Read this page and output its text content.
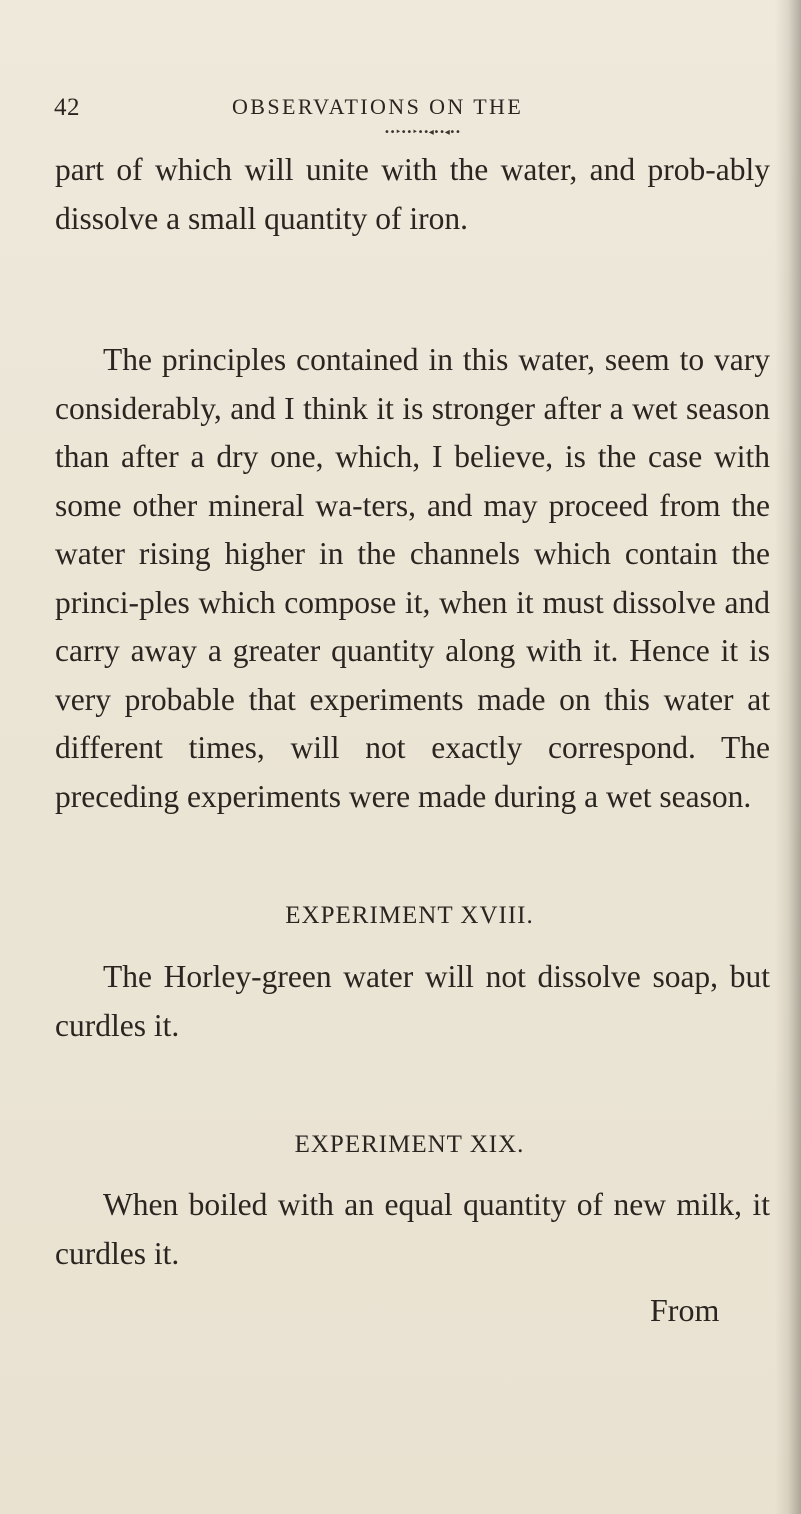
42	OBSERVATIONS ON THE
••‣••‣••◂••◂••

part of which will unite with the water, and prob-ably dissolve a small quantity of iron.

The principles contained in this water, seem to vary considerably, and I think it is stronger after a wet season than after a dry one, which, I believe, is the case with some other mineral wa-ters, and may proceed from the water rising higher in the channels which contain the princi-ples which compose it, when it must dissolve and carry away a greater quantity along with it. Hence it is very probable that experiments made on this water at different times, will not exactly correspond. The preceding experiments were made during a wet season.

EXPERIMENT XVIII.

The Horley-green water will not dissolve soap, but curdles it.

EXPERIMENT XIX.

When boiled with an equal quantity of new milk, it curdles it.

From
